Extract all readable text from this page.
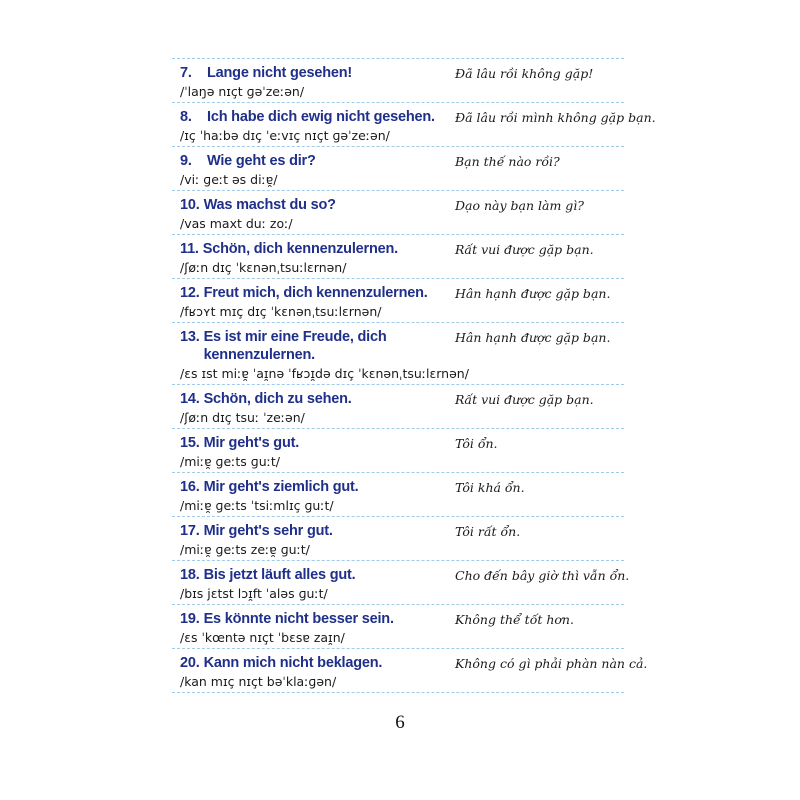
7.	Lange nicht gesehen!
/ˈlaŋə nɪçt ɡəˈzeːən/
Đã lâu rồi không gặp!
8.	Ich habe dich ewig nicht gesehen.
/ɪç ˈhaːbə dɪç ˈeːvɪç nɪçt ɡəˈzeːən/
Đã lâu rồi mình không gặp bạn.
9.	Wie geht es dir?
/viː ɡeːt əs diːɐ̯/
Bạn thế nào rồi?
10. Was machst du so?
/vas maxt duː zoː/
Dạo này bạn làm gì?
11. Schön, dich kennenzulernen.
/ʃøːn dɪç ˈkɛnənˌtsuːlɛrnən/
Rất vui được gặp bạn.
12. Freut mich, dich kennenzulernen.
/fʁɔʏt mɪç dɪç ˈkɛnənˌtsuːlɛrnən/
Hân hạnh được gặp bạn.
13. Es ist mir eine Freude, dich kennenzulernen.
/ɛs ɪst miːɐ̯ ˈaɪ̯nə ˈfʁɔɪ̯də dɪç ˈkɛnənˌtsuːlɛrnən/
Hân hạnh được gặp bạn.
14. Schön, dich zu sehen.
/ʃøːn dɪç tsuː ˈzeːən/
Rất vui được gặp bạn.
15. Mir geht's gut.
/miːɐ̯ ɡeːts ɡuːt/
Tôi ổn.
16. Mir geht's ziemlich gut.
/miːɐ̯ ɡeːts ˈtsiːmlɪç ɡuːt/
Tôi khá ổn.
17. Mir geht's sehr gut.
/miːɐ̯ ɡeːts zeːɐ̯ ɡuːt/
Tôi rất ổn.
18. Bis jetzt läuft alles gut.
/bɪs jɛtst lɔɪ̯ft ˈaləs ɡuːt/
Cho đến bây giờ thì vẫn ổn.
19. Es könnte nicht besser sein.
/ɛs ˈkœntə nɪçt ˈbɛsɐ zaɪ̯n/
Không thể tốt hơn.
20. Kann mich nicht beklagen.
/kan mɪç nɪçt bəˈklaːɡən/
Không có gì phải phàn nàn cả.
6
